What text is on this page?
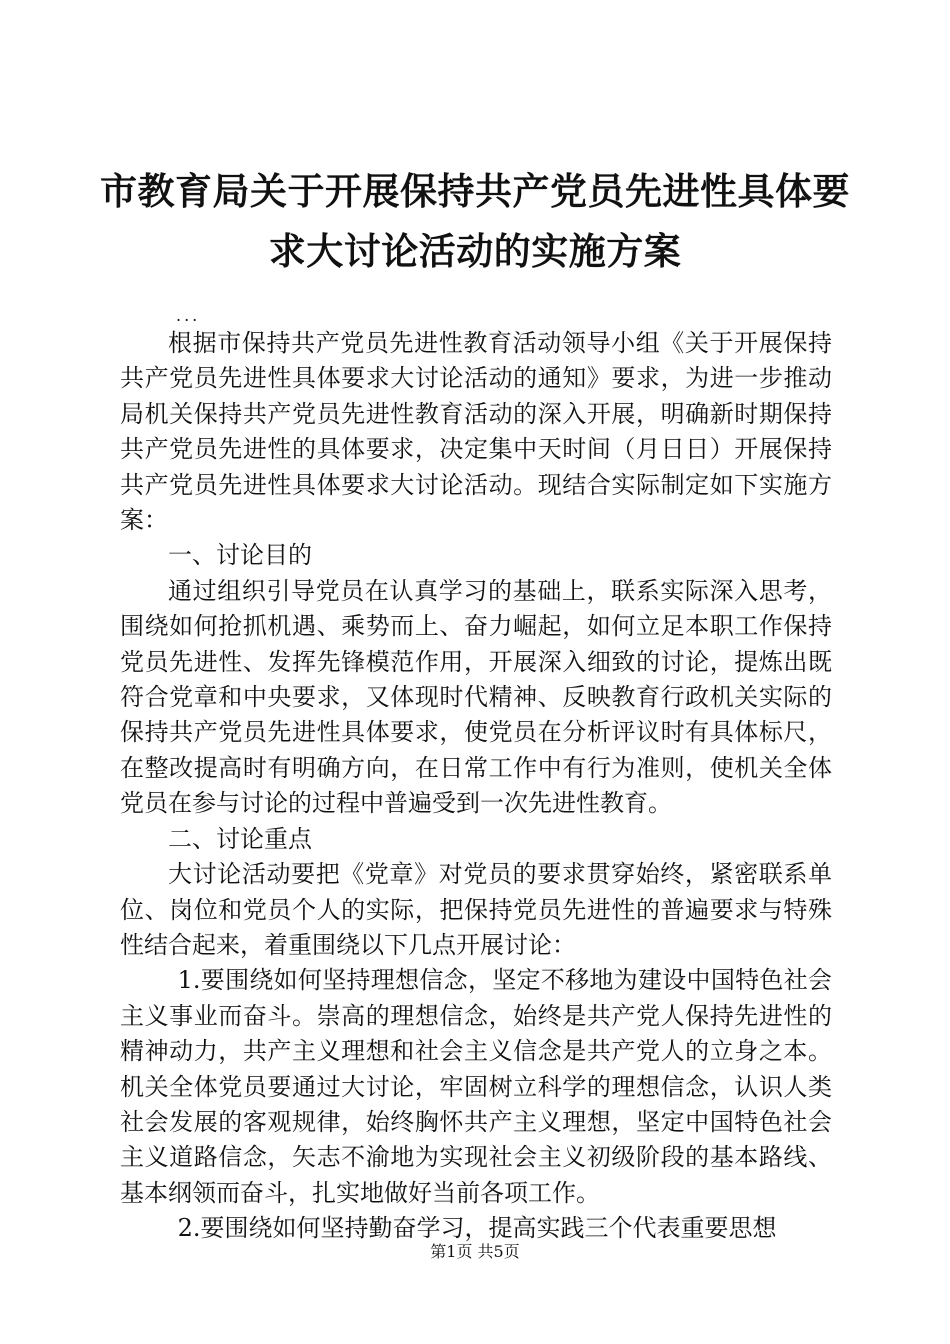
市教育局关于开展保持共产党员先进性具体要
求大讨论活动的实施方案
...

根据市保持共产党员先进性教育活动领导小组《关于开展保持共产党员先进性具体要求大讨论活动的通知》要求，为进一步推动局机关保持共产党员先进性教育活动的深入开展，明确新时期保持共产党员先进性的具体要求，决定集中天时间（月日日）开展保持共产党员先进性具体要求大讨论活动。现结合实际制定如下实施方案：

一、讨论目的

通过组织引导党员在认真学习的基础上，联系实际深入思考，围绕如何抢抓机遇、乘势而上、奋力崛起，如何立足本职工作保持党员先进性、发挥先锋模范作用，开展深入细致的讨论，提炼出既符合党章和中央要求，又体现时代精神、反映教育行政机关实际的保持共产党员先进性具体要求，使党员在分析评议时有具体标尺，在整改提高时有明确方向，在日常工作中有行为准则，使机关全体党员在参与讨论的过程中普遍受到一次先进性教育。

二、讨论重点

大讨论活动要把《党章》对党员的要求贯穿始终，紧密联系单位、岗位和党员个人的实际，把保持党员先进性的普遍要求与特殊性结合起来，着重围绕以下几点开展讨论：

1.要围绕如何坚持理想信念，坚定不移地为建设中国特色社会主义事业而奋斗。崇高的理想信念，始终是共产党人保持先进性的精神动力，共产主义理想和社会主义信念是共产党人的立身之本。机关全体党员要通过大讨论，牢固树立科学的理想信念，认识人类社会发展的客观规律，始终胸怀共产主义理想，坚定中国特色社会主义道路信念，矢志不渝地为实现社会主义初级阶段的基本路线、基本纲领而奋斗，扎实地做好当前各项工作。

2.要围绕如何坚持勤奋学习，提高实践三个代表重要思想

第1页 共5页
